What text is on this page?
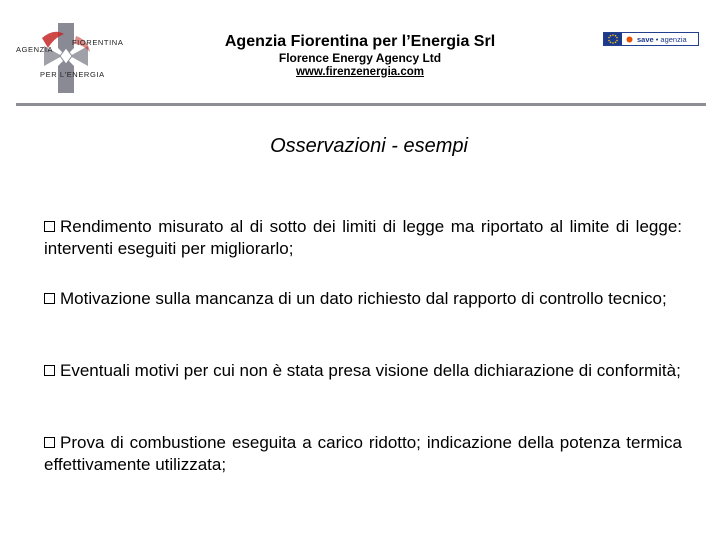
AGENZIA
FIORENTINA
PER L'ENERGIA
Agenzia Fiorentina per l’Energia Srl
Florence Energy Agency Ltd
www.firenzenergia.com
save • agenzia
Osservazioni - esempi
Rendimento misurato al di sotto dei limiti di legge ma riportato al limite di legge: interventi eseguiti per migliorarlo;
Motivazione sulla mancanza di un dato richiesto dal rapporto di controllo tecnico;
Eventuali motivi per cui non è stata presa visione della dichiarazione di conformità;
Prova di combustione eseguita a carico ridotto; indicazione della potenza termica effettivamente utilizzata;
